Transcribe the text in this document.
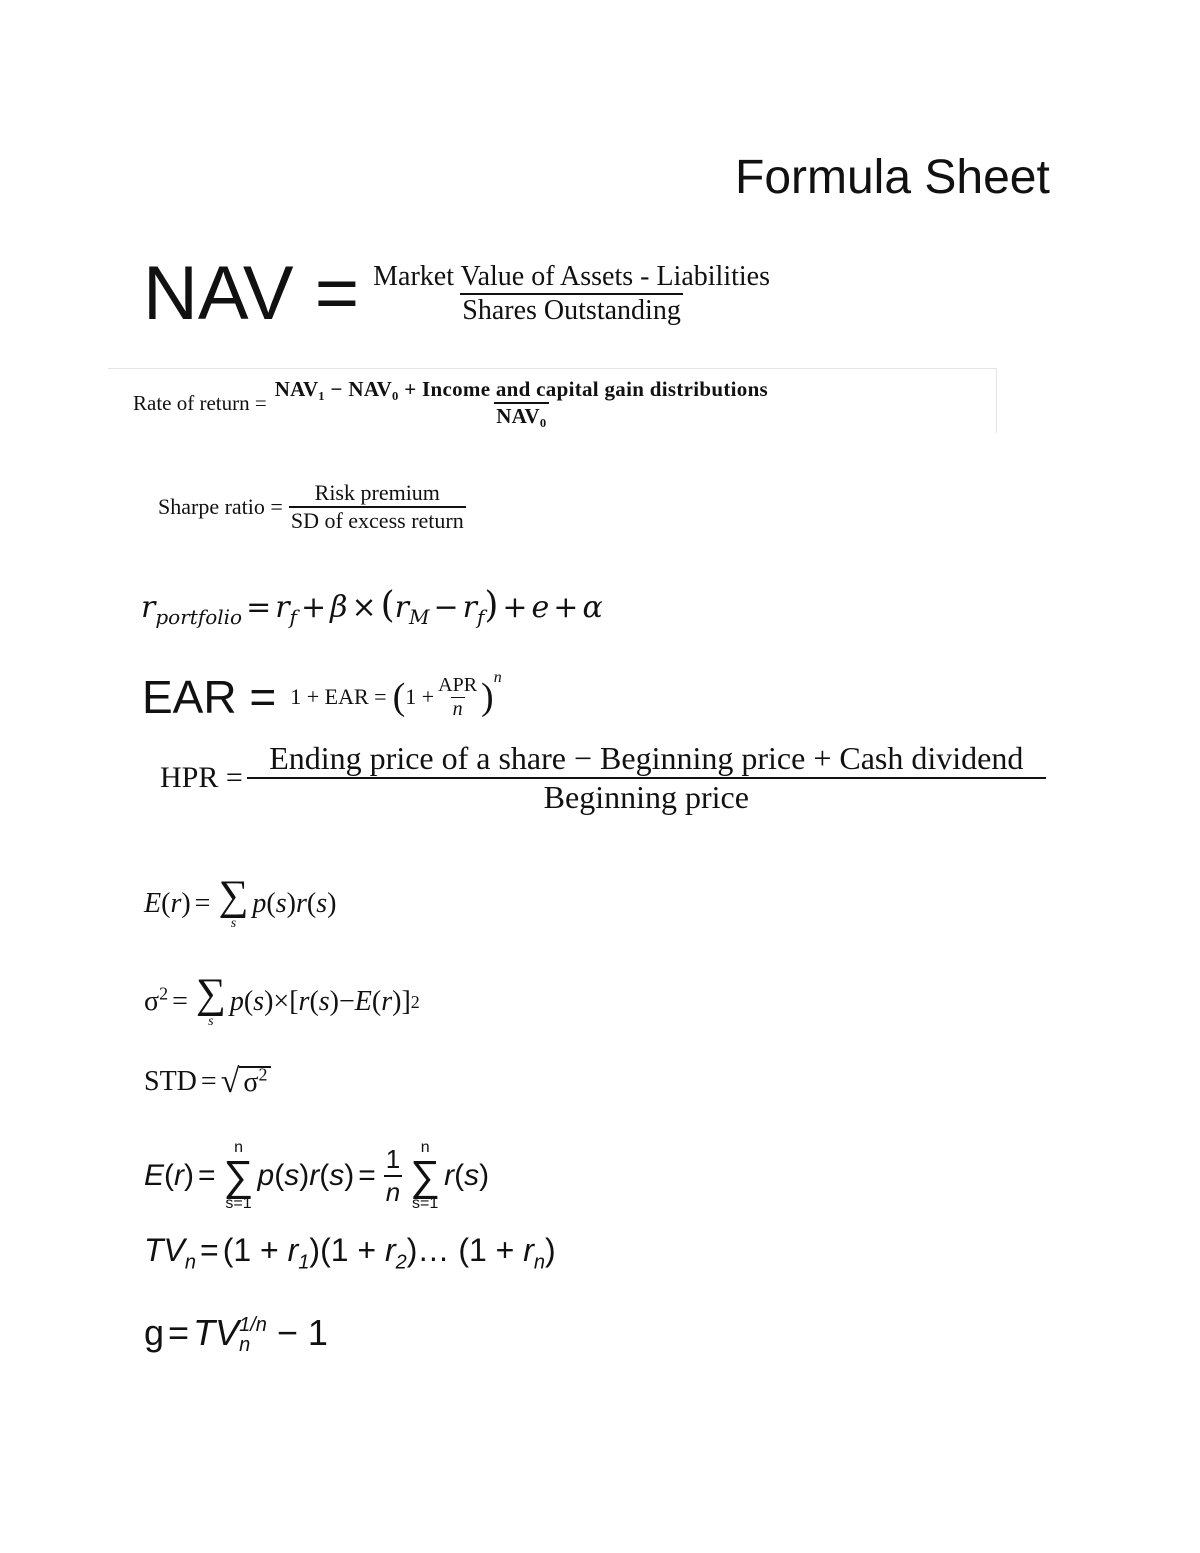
Formula Sheet
NAV = $\frac{\text{Market Value of Assets - Liabilities}}{\text{Shares Outstanding}}$
Rate of return = $\frac{\text{NAV₁ − NAV₀ + Income and capital gain distributions}}{\text{NAV₀}}$
Sharpe ratio = $\frac{\text{Risk premium}}{\text{SD of excess return}}$
$r_{portfolio} = r_f + \beta \times (r_M - r_f) + e + \alpha$
EAR = 1 + EAR = ( $1 + \frac{\text{APR}}{n}$ ) n
HPR = $\frac{\text{Ending price of a share − Beginning price + Cash dividend}}{\text{Beginning price}}$
E ( r ) = ∑
s
p ( s ) r ( s )
$\sigma^2$ = ∑
s
p ( s )×[ r ( s )− E ( r )] 2
STD = √ $\sigma^2$
E ( r ) =
n
∑
s=1
p ( s ) r ( s ) = $\frac{1}{n}$ n
∑
s=1
r ( s )
$TV_n = (1 + r_1)(1$ + $r_2)\dots$ $(1 + r_n)$
g = TV 1/n
n − 1
